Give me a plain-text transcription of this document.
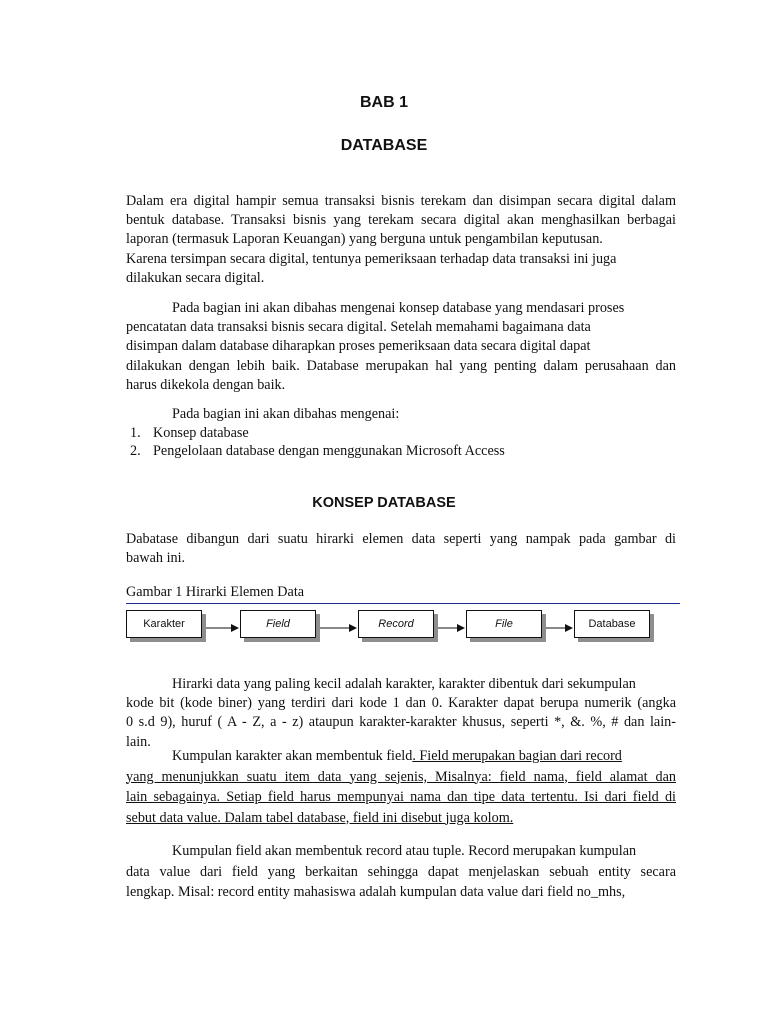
BAB 1
DATABASE
Dalam era digital hampir semua transaksi bisnis terekam dan disimpan secara digital dalam
bentuk database. Transaksi bisnis yang terekam secara digital akan menghasilkan berbagai
laporan (termasuk Laporan Keuangan) yang berguna untuk pengambilan keputusan.
Karena tersimpan secara digital, tentunya pemeriksaan terhadap data transaksi ini juga
dilakukan secara digital.
Pada bagian ini akan dibahas mengenai konsep database yang mendasari proses
pencatatan data transaksi bisnis secara digital. Setelah memahami bagaimana data
disimpan dalam database diharapkan proses pemeriksaan data secara digital dapat
dilakukan dengan lebih baik. Database merupakan hal yang penting dalam perusahaan dan
harus dikekola dengan baik.
Pada bagian ini akan dibahas mengenai:
1. Konsep database
2. Pengelolaan database dengan menggunakan Microsoft Access
KONSEP DATABASE
Dabatase dibangun dari suatu hirarki elemen data seperti yang nampak pada gambar di
bawah ini.
Gambar 1 Hirarki Elemen Data
Karakter	Field	Record	File	Database
Hirarki data yang paling kecil adalah karakter, karakter dibentuk dari sekumpulan
kode bit (kode biner) yang terdiri dari kode 1 dan 0. Karakter dapat berupa numerik (angka
0 s.d 9), huruf ( A - Z, a - z) ataupun karakter-karakter khusus, seperti *, &. %, # dan lain-
lain.
Kumpulan karakter akan membentuk field. Field merupakan bagian dari record
yang menunjukkan suatu item data yang sejenis, Misalnya: field nama, field alamat dan
lain sebagainya. Setiap field harus mempunyai nama dan tipe data tertentu. Isi dari field di
sebut data value. Dalam tabel database, field ini disebut juga kolom.
Kumpulan field akan membentuk record atau tuple. Record merupakan kumpulan
data value dari field yang berkaitan sehingga dapat menjelaskan sebuah entity secara
lengkap. Misal: record entity mahasiswa adalah kumpulan data value dari field no_mhs,
